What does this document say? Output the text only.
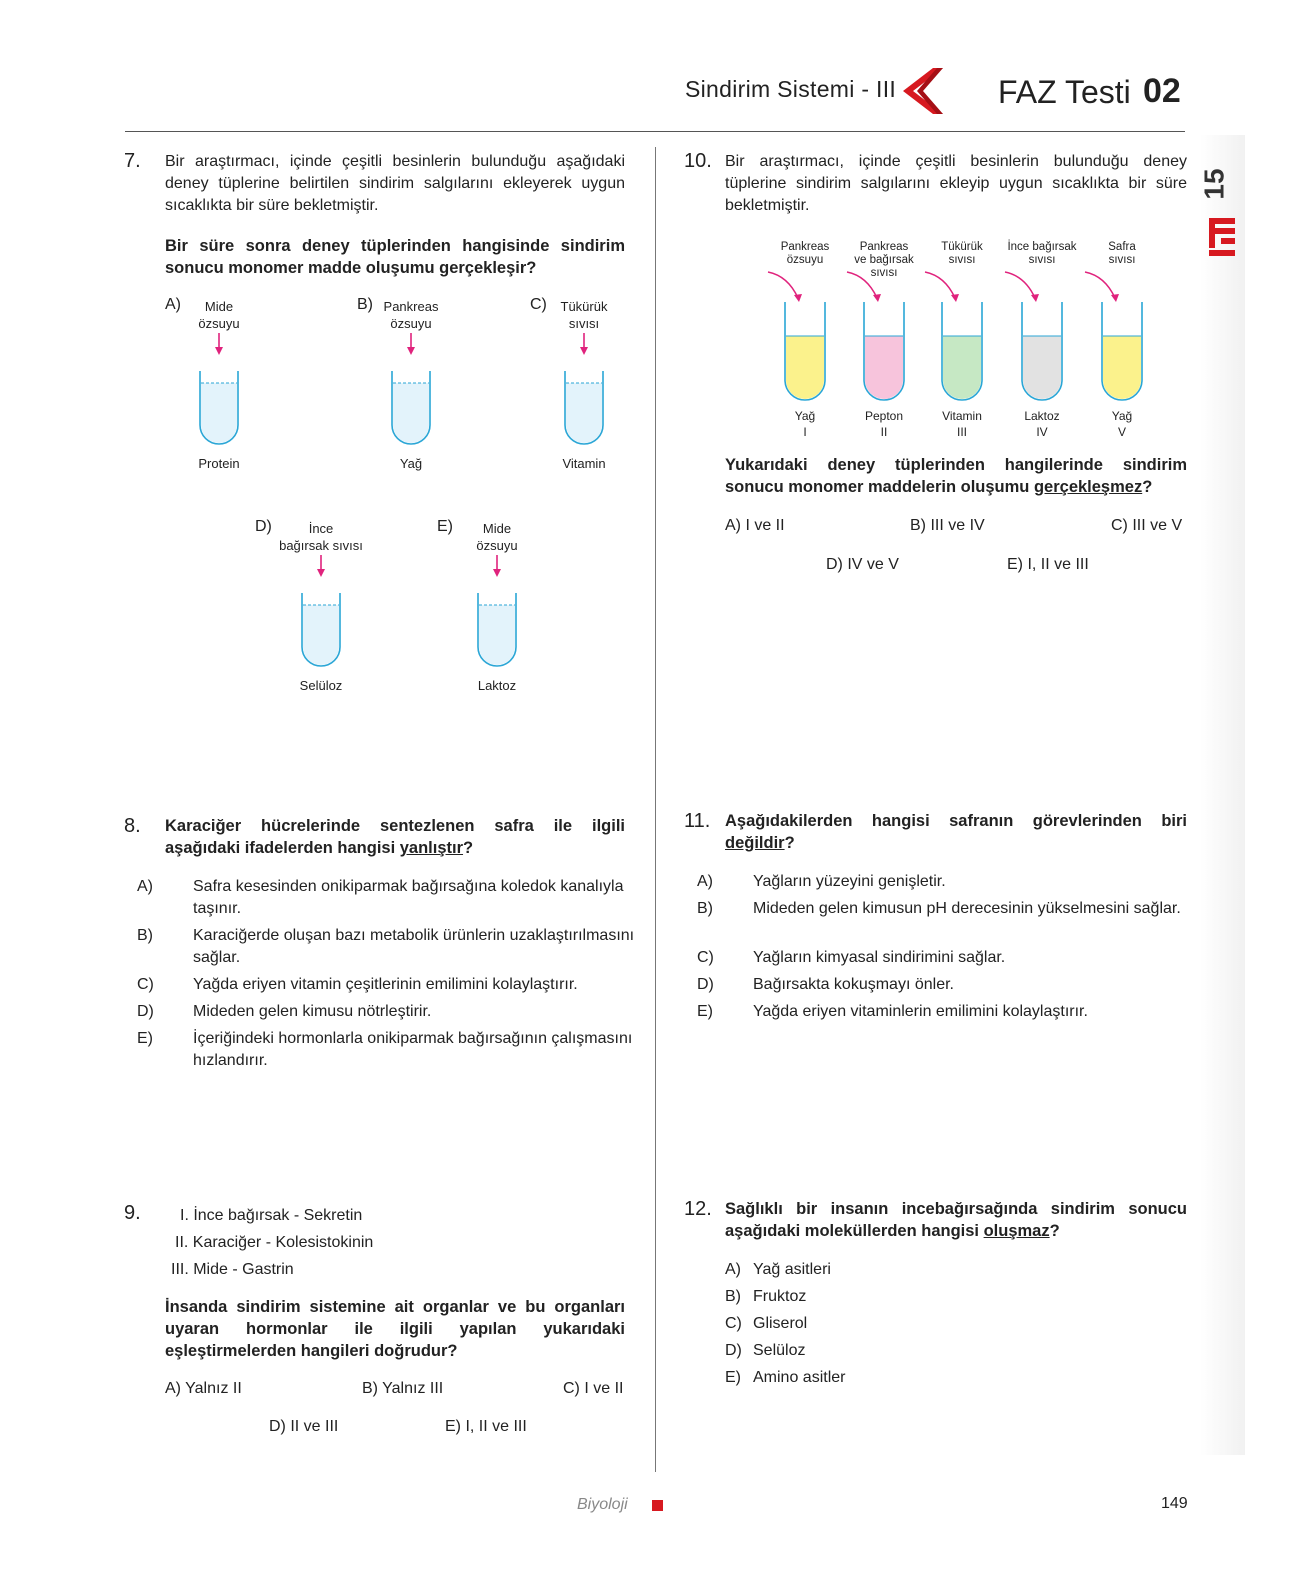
Sindirim Sistemi - III	FAZ Testi 02
15
7. Bir araştırmacı, içinde çeşitli besinlerin bulunduğu aşağıdaki deney tüplerine belirtilen sindirim salgılarını ekleyerek uygun sıcaklıkta bir süre bekletmiştir.
Bir süre sonra deney tüplerinden hangisinde sindirim sonucu monomer madde oluşumu gerçekleşir?
A)	Mide
özsuyu
Protein
B) Pankreas
özsuyu
Yağ
C)	Tükürük
sıvısı
Vitamin
D)	İnce
bağırsak sıvısı
Selüloz
E)	Mide
özsuyu
Laktoz
8. Karaciğer hücrelerinde sentezlenen safra ile ilgili aşağıdaki ifadelerden hangisi yanlıştır?
A)	Safra kesesinden onikiparmak bağırsağına koledok kanalıyla taşınır.
B)	Karaciğerde oluşan bazı metabolik ürünlerin uzaklaştırılmasını sağlar.
C) Yağda eriyen vitamin çeşitlerinin emilimini kolaylaştırır.
D) Mideden gelen kimusu nötrleştirir.
E)	İçeriğindeki hormonlarla onikiparmak bağırsağının çalışmasını hızlandırır.
9. I. İnce bağırsak - Sekretin
II. Karaciğer - Kolesistokinin
III. Mide - Gastrin
İnsanda sindirim sistemine ait organlar ve bu organları uyaran hormonlar ile ilgili yapılan yukarıdaki eşleştirmelerden hangileri doğrudur?
A) Yalnız II	B) Yalnız III	C) I ve II
D) II ve III	E) I, II ve III
10. Bir araştırmacı, içinde çeşitli besinlerin bulunduğu deney tüplerine sindirim salgılarını ekleyip uygun sıcaklıkta bir süre bekletmiştir.
Pankreas
özsuyu
Yağ
I
Pankreas
ve bağırsak
sıvısı
Pepton
II
Tükürük
sıvısı
Vitamin
III
İnce bağırsak
sıvısı
Laktoz
IV
Safra
sıvısı
Yağ
V
Yukarıdaki deney tüplerinden hangilerinde sindirim sonucu monomer maddelerin oluşumu gerçekleşmez?
A) I ve II	B) III ve IV	C) III ve V
D) IV ve V	E) I, II ve III
11. Aşağıdakilerden hangisi safranın görevlerinden biri değildir?
A)	Yağların yüzeyini genişletir.
B)	Mideden gelen kimusun pH derecesinin yükselmesini sağlar.
C) Yağların kimyasal sindirimini sağlar.
D) Bağırsakta kokuşmayı önler.
E)	Yağda eriyen vitaminlerin emilimini kolaylaştırır.
12. Sağlıklı bir insanın incebağırsağında sindirim sonucu aşağıdaki moleküllerden hangisi oluşmaz?
A) Yağ asitleri
B) Fruktoz
C) Gliserol
D) Selüloz
E) Amino asitler
Biyoloji	149
